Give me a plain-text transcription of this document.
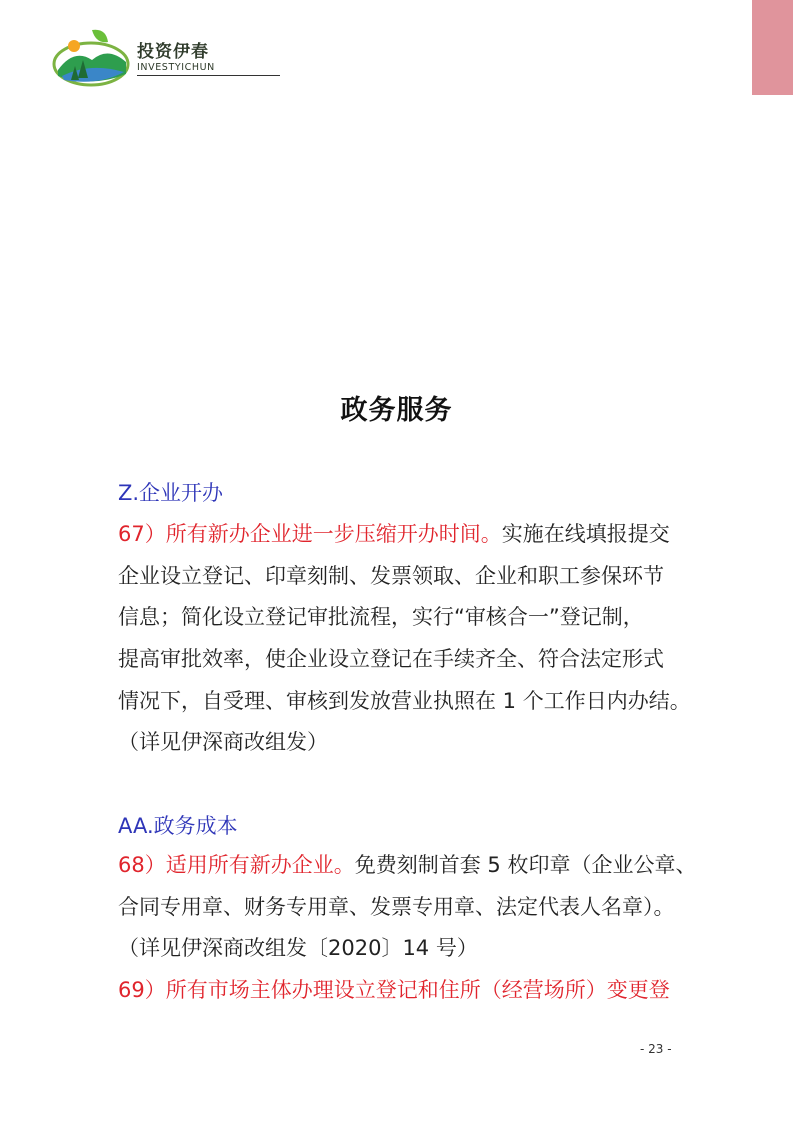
投资伊春
INVESTYICHUN
政务服务
Z.企业开办
67）所有新办企业进一步压缩开办时间。实施在线填报提交
企业设立登记、印章刻制、发票领取、企业和职工参保环节
信息；简化设立登记审批流程，实行“审核合一”登记制，
提高审批效率，使企业设立登记在手续齐全、符合法定形式
情况下，自受理、审核到发放营业执照在 1 个工作日内办结。
（详见伊深商改组发）
AA.政务成本
68）适用所有新办企业。免费刻制首套 5 枚印章（企业公章、
合同专用章、财务专用章、发票专用章、法定代表人名章）。
（详见伊深商改组发〔2020〕14 号）
69）所有市场主体办理设立登记和住所（经营场所）变更登
- 23 -
